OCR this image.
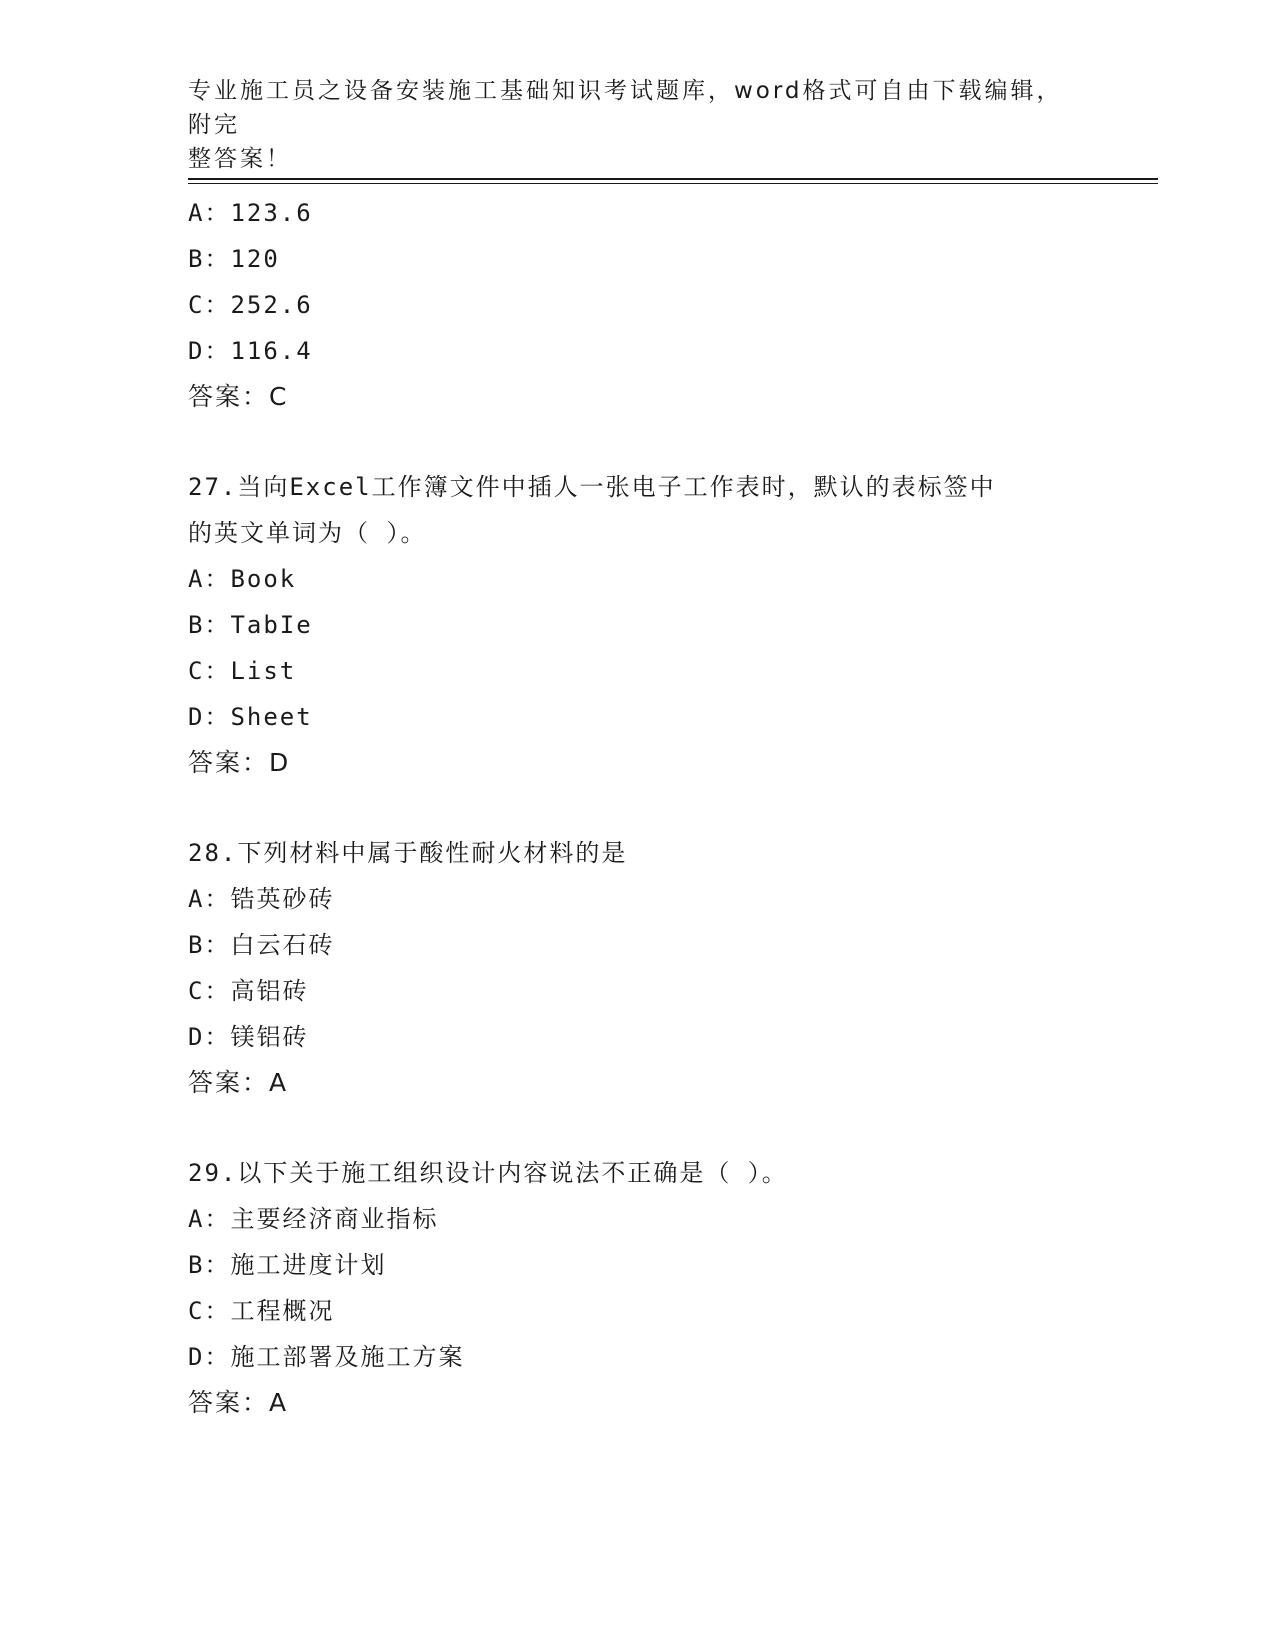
专业施工员之设备安装施工基础知识考试题库，word格式可自由下载编辑，附完
整答案！
A：123.6
B：120
C：252.6
D：116.4
答案：C
27.当向Excel工作簿文件中插人一张电子工作表时，默认的表标签中
的英文单词为（ ）。
A：Book
B：TabIe
C：List
D：Sheet
答案：D
28.下列材料中属于酸性耐火材料的是
A：锆英砂砖
B：白云石砖
C：高铝砖
D：镁铝砖
答案：A
29.以下关于施工组织设计内容说法不正确是（ ）。
A：主要经济商业指标
B：施工进度计划
C：工程概况
D：施工部署及施工方案
答案：A
